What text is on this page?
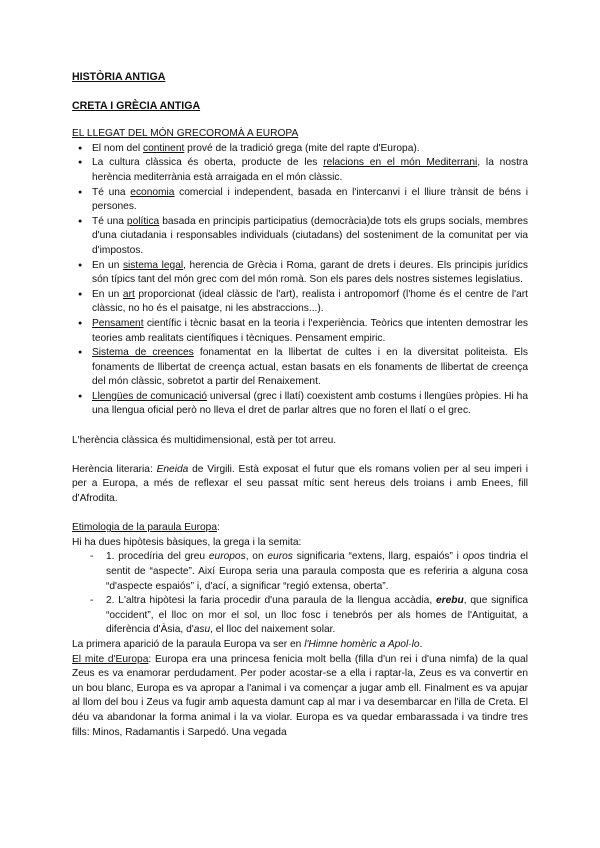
HISTÒRIA ANTIGA
CRETA I GRÈCIA ANTIGA
EL LLEGAT DEL MÓN GRECOROMÀ A EUROPA
● El nom del continent prové de la tradició grega (mite del rapte d'Europa).
● La cultura clàssica és oberta, producte de les relacions en el món Mediterrani, la nostra herència mediterrània està arraigada en el món clàssic.
● Té una economia comercial i independent, basada en l'intercanvi i el lliure trànsit de béns i persones.
● Té una política basada en principis participatius (democràcia)de tots els grups socials, membres d'una ciutadania i responsables individuals (ciutadans) del sosteniment de la comunitat per via d'impostos.
● En un sistema legal, herencia de Grècia i Roma, garant de drets i deures. Els principis jurídics són típics tant del món grec com del món romà. Son els pares dels nostres sistemes legislatius.
● En un art proporcionat (ideal clàssic de l'art), realista i antropomorf (l'home és el centre de l'art clàssic, no ho és el paisatge, ni les abstraccions...).
● Pensament científic i tècnic basat en la teoria i l'experiència. Teòrics que intenten demostrar les teories amb realitats científiques i tècniques. Pensament empiric.
● Sistema de creences fonamentat en la llibertat de cultes i en la diversitat politeista. Els fonaments de llibertat de creença actual, estan basats en els fonaments de llibertat de creença del món clàssic, sobretot a partir del Renaixement.
● Llengües de comunicació universal (grec i llatí) coexistent amb costums i llengües pròpies. Hi ha una llengua oficial però no lleva el dret de parlar altres que no foren el llatí o el grec.

L'herència clàssica és multidimensional, està per tot arreu.

Herència literaria: Eneida de Virgili. Està exposat el futur que els romans volien per al seu imperi i per a Europa, a més de reflexar el seu passat mític sent hereus dels troians i amb Enees, fill d'Afrodita.

Etimologia de la paraula Europa:

Hi ha dues hipòtesis bàsiques, la grega i la semita:

- 1. procedíria del greu europos, on euros significaria “extens, llarg, espaiós” i opos tindria el sentit de “aspecte”. Així Europa seria una paraula composta que es referiria a alguna cosa “d'aspecte espaiós” i, d'ací, a significar “regió extensa, oberta”.
- 2. L'altra hipòtesi la faria procedir d'una paraula de la llengua accàdia, erebu, que significa “occident”, el lloc on mor el sol, un lloc fosc i tenebrós per als homes de l'Antiguitat, a diferència d'Àsia, d'asu, el lloc del naixement solar.

La primera aparició de la paraula Europa va ser en l'Himne homèric a Apol·lo.

El mite d'Europa: Europa era una princesa fenicia molt bella (filla d'un rei i d'una nimfa) de la qual Zeus es va enamorar perdudament. Per poder acostar-se a ella i raptar-la, Zeus es va convertir en un bou blanc, Europa es va apropar a l'animal i va començar a jugar amb ell. Finalment es va apujar al llom del bou i Zeus va fugir amb aquesta damunt cap al mar i va desembarcar en l'illa de Creta. El déu va abandonar la forma animal i la va violar. Europa es va quedar embarassada i va tindre tres fills: Minos, Radamantis i Sarpedó. Una vegada
